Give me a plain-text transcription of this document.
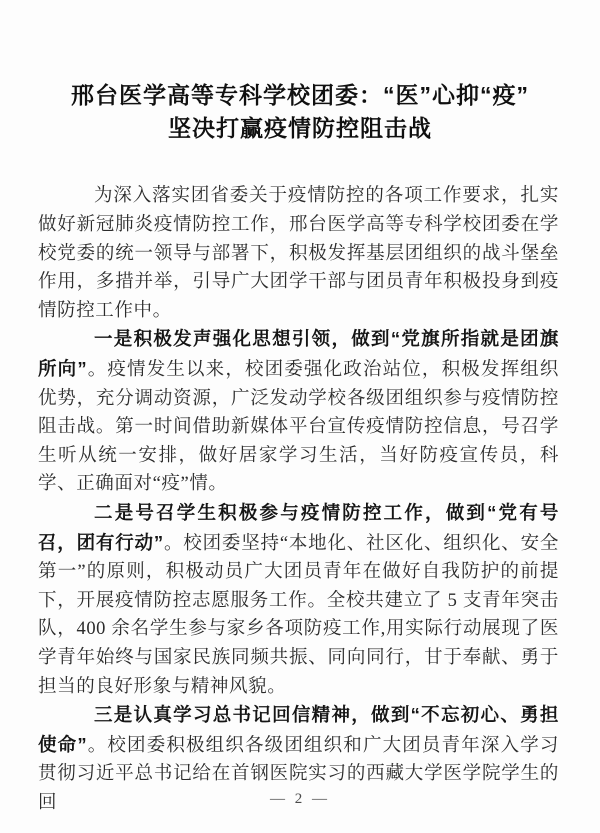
邢台医学高等专科学校团委：“医”心抑“疫”
坚决打赢疫情防控阻击战

为深入落实团省委关于疫情防控的各项工作要求，扎实做好新冠肺炎疫情防控工作，邢台医学高等专科学校团委在学校党委的统一领导与部署下，积极发挥基层团组织的战斗堡垒作用，多措并举，引导广大团学干部与团员青年积极投身到疫情防控工作中。

一是积极发声强化思想引领，做到“党旗所指就是团旗所向”。疫情发生以来，校团委强化政治站位，积极发挥组织优势，充分调动资源，广泛发动学校各级团组织参与疫情防控阻击战。第一时间借助新媒体平台宣传疫情防控信息，号召学生听从统一安排，做好居家学习生活，当好防疫宣传员，科学、正确面对“疫”情。

二是号召学生积极参与疫情防控工作，做到“党有号召，团有行动”。校团委坚持“本地化、社区化、组织化、安全第一”的原则，积极动员广大团员青年在做好自我防护的前提下，开展疫情防控志愿服务工作。全校共建立了 5 支青年突击队，400 余名学生参与家乡各项防疫工作,用实际行动展现了医学青年始终与国家民族同频共振、同向同行，甘于奉献、勇于担当的良好形象与精神风貌。

三是认真学习总书记回信精神，做到“不忘初心、勇担使命”。校团委积极组织各级团组织和广大团员青年深入学习贯彻习近平总书记给在首钢医院实习的西藏大学医学院学生的回	— 2 —
